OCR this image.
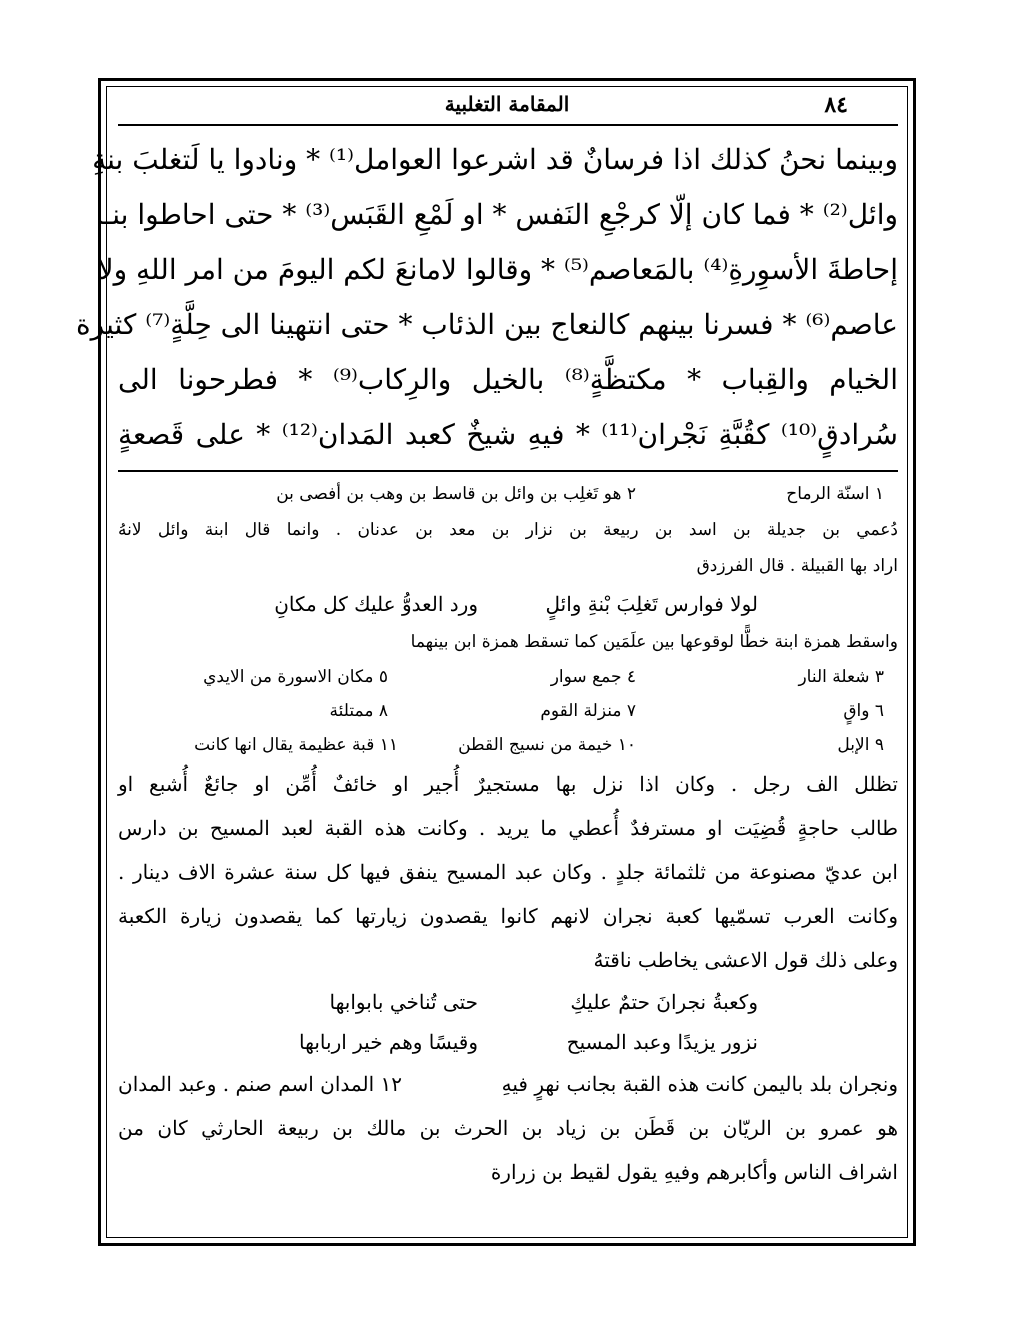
المقامة التغلبية	٨٤
وبينما نحنُ كذلك اذا فرسانٌ قد اشرعوا العوامل⁽¹⁾ * ونادوا يا لَتغلبَ بنةِ
وائل⁽²⁾ * فما كان إلّا كرجْعِ النَفس * او لَمْعِ القَبَس⁽³⁾ * حتى احاطوا بنـا
إحاطةَ الأسوِرةِ⁽⁴⁾ بالمَعاصم⁽⁵⁾ * وقالوا لامانعَ لكم اليومَ من امر اللهِ ولا
عاصم⁽⁶⁾ * فسرنا بينهم كالنعاج بين الذئاب * حتى انتهينا الى حِلَّةٍ⁽⁷⁾ كثيرة
الخيام والقِباب * مكتظَّةٍ⁽⁸⁾ بالخيل والرِكاب⁽⁹⁾ * فطرحونا الى
سُرادقٍ⁽¹⁰⁾ كقُبَّةِ نَجْران⁽¹¹⁾ * فيهِ شيخٌ كعبد المَدان⁽¹²⁾ * على قَصعةٍ
١ اسنّة الرماح
٢ هو تَغلِب بن وائل بن قاسط بن وهب بن أفصى بن
دُعمي بن جديلة بن اسد بن ربيعة بن نزار بن معد بن عدنان . وانما قال ابنة وائل لانهُ
اراد بها القبيلة . قال الفرزدق
لولا فوارس تَغلِبَ بْنةِ وائلٍ
ورد العدوُّ عليك كل مكانِ
واسقط همزة ابنة خطًّا لوقوعها بين علَمَين كما تسقط همزة ابن بينهما
٣ شعلة النار
٤ جمع سوار
٥ مكان الاسورة من الايدي
٦ واقٍ
٧ منزلة القوم
٨ ممتلئة
٩ الإبل
١٠ خيمة من نسيج القطن
١١ قبة عظيمة يقال انها كانت
تظلل الف رجل . وكان اذا نزل بها مستجيرٌ أُجير او خائفٌ أُمِّن او جائعٌ أُشبع او
طالب حاجةٍ قُضِيَت او مسترفدٌ أُعطي ما يريد . وكانت هذه القبة لعبد المسيح بن دارس
ابن عديّ مصنوعة من ثلثمائة جلدٍ . وكان عبد المسيح ينفق فيها كل سنة عشرة الاف دينار .
وكانت العرب تسمّيها كعبة نجران لانهم كانوا يقصدون زيارتها كما يقصدون زيارة الكعبة
وعلى ذلك قول الاعشى يخاطب ناقتهُ
وكعبةُ نجرانَ حتمٌ عليكِ
حتى تُناخي بابوابها
نزور يزيدًا وعبد المسيح
وقيسًا وهم خير اربابها
ونجران بلد باليمن كانت هذه القبة بجانب نهرٍ فيهِ
١٢ المدان اسم صنم . وعبد المدان
هو عمرو بن الريّان بن قَطَن بن زياد بن الحرث بن مالك بن ربيعة الحارثي كان من
اشراف الناس وأكابرهم وفيهِ يقول لقيط بن زرارة
